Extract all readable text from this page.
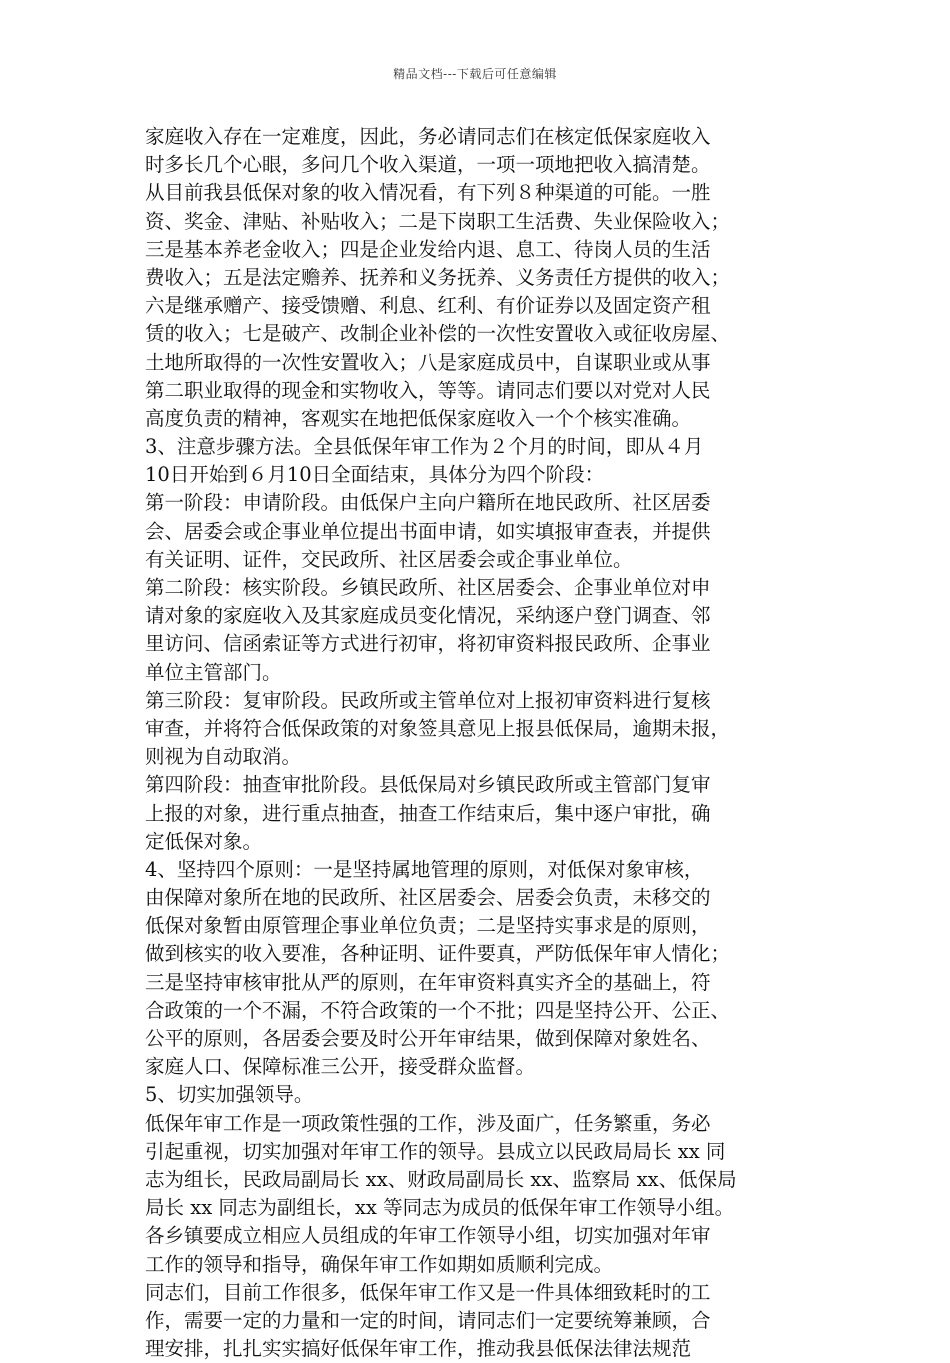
精品文档---下载后可任意编辑
家庭收入存在一定难度，因此，务必请同志们在核定低保家庭收入
时多长几个心眼，多问几个收入渠道，一项一项地把收入搞清楚。
从目前我县低保对象的收入情况看，有下列８种渠道的可能。一胜
资、奖金、津贴、补贴收入；二是下岗职工生活费、失业保险收入；
三是基本养老金收入；四是企业发给内退、息工、待岗人员的生活
费收入；五是法定赡养、抚养和义务抚养、义务责任方提供的收入；
六是继承赠产、接受馈赠、利息、红利、有价证券以及固定资产租
赁的收入；七是破产、改制企业补偿的一次性安置收入或征收房屋、
土地所取得的一次性安置收入；八是家庭成员中，自谋职业或从事
第二职业取得的现金和实物收入，等等。请同志们要以对党对人民
高度负责的精神，客观实在地把低保家庭收入一个个核实准确。
3、注意步骤方法。全县低保年审工作为２个月的时间，即从４月
10日开始到６月10日全面结束，具体分为四个阶段：
第一阶段：申请阶段。由低保户主向户籍所在地民政所、社区居委
会、居委会或企事业单位提出书面申请，如实填报审查表，并提供
有关证明、证件，交民政所、社区居委会或企事业单位。
第二阶段：核实阶段。乡镇民政所、社区居委会、企事业单位对申
请对象的家庭收入及其家庭成员变化情况，采纳逐户登门调查、邻
里访问、信函索证等方式进行初审，将初审资料报民政所、企事业
单位主管部门。
第三阶段：复审阶段。民政所或主管单位对上报初审资料进行复核
审查，并将符合低保政策的对象签具意见上报县低保局，逾期未报，
则视为自动取消。
第四阶段：抽查审批阶段。县低保局对乡镇民政所或主管部门复审
上报的对象，进行重点抽查，抽查工作结束后，集中逐户审批，确
定低保对象。
4、坚持四个原则：一是坚持属地管理的原则，对低保对象审核，
由保障对象所在地的民政所、社区居委会、居委会负责，未移交的
低保对象暂由原管理企事业单位负责；二是坚持实事求是的原则，
做到核实的收入要准，各种证明、证件要真，严防低保年审人情化；
三是坚持审核审批从严的原则，在年审资料真实齐全的基础上，符
合政策的一个不漏，不符合政策的一个不批；四是坚持公开、公正、
公平的原则，各居委会要及时公开年审结果，做到保障对象姓名、
家庭人口、保障标准三公开，接受群众监督。
5、切实加强领导。
低保年审工作是一项政策性强的工作，涉及面广，任务繁重，务必
引起重视，切实加强对年审工作的领导。县成立以民政局局长 xx 同
志为组长，民政局副局长 xx、财政局副局长 xx、监察局 xx、低保局
局长 xx 同志为副组长，xx 等同志为成员的低保年审工作领导小组。
各乡镇要成立相应人员组成的年审工作领导小组，切实加强对年审
工作的领导和指导，确保年审工作如期如质顺利完成。
同志们，目前工作很多，低保年审工作又是一件具体细致耗时的工
作，需要一定的力量和一定的时间，请同志们一定要统筹兼顾，合
理安排，扎扎实实搞好低保年审工作，推动我县低保法律法规范
